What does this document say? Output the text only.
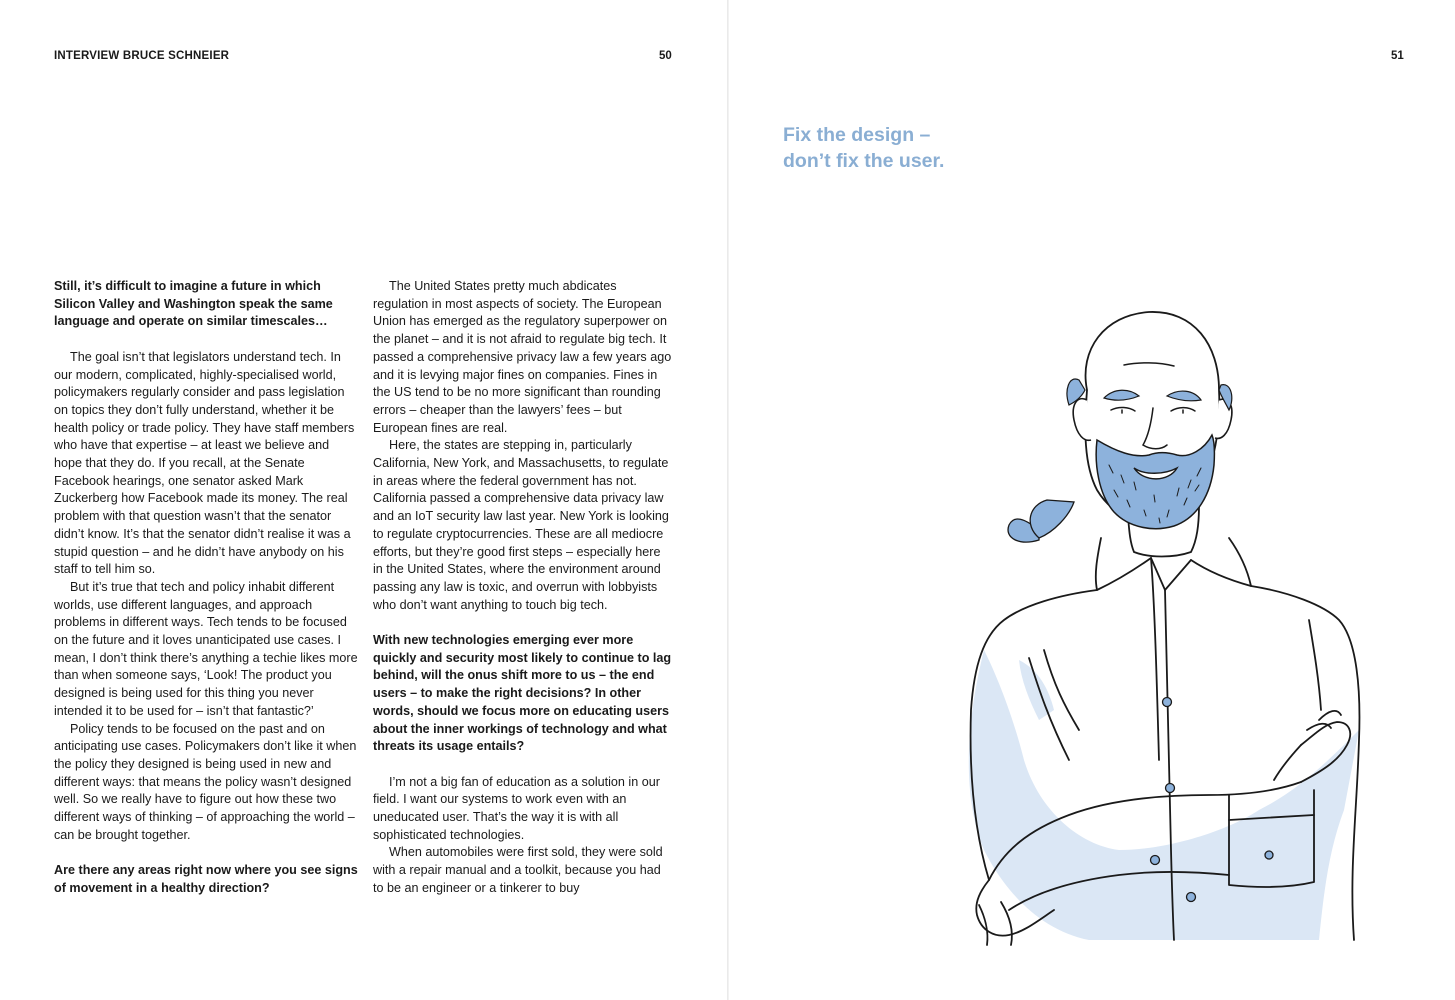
INTERVIEW BRUCE SCHNEIER	50

Still, it’s difficult to imagine a future in which Silicon Valley and Washington speak the same language and operate on similar timescales…

The goal isn’t that legislators understand tech. In our modern, complicated, highly-specialised world, policymakers regularly consider and pass legislation on topics they don’t fully understand, whether it be health policy or trade policy. They have staff members who have that expertise – at least we believe and hope that they do. If you recall, at the Senate Facebook hearings, one senator asked Mark Zuckerberg how Facebook made its money. The real problem with that question wasn’t that the senator didn’t know. It’s that the senator didn’t realise it was a stupid question – and he didn’t have anybody on his staff to tell him so.

But it’s true that tech and policy inhabit different worlds, use different languages, and approach problems in different ways. Tech tends to be focused on the future and it loves unanticipated use cases. I mean, I don’t think there’s anything a techie likes more than when someone says, ‘Look! The product you designed is being used for this thing you never intended it to be used for – isn’t that fantastic?’

Policy tends to be focused on the past and on anticipating use cases. Policymakers don’t like it when the policy they designed is being used in new and different ways: that means the policy wasn’t designed well. So we really have to figure out how these two different ways of thinking – of approaching the world – can be brought together.

Are there any areas right now where you see signs of movement in a healthy direction?

The United States pretty much abdicates regulation in most aspects of society. The European Union has emerged as the regulatory superpower on the planet – and it is not afraid to regulate big tech. It passed a comprehensive privacy law a few years ago and it is levying major fines on companies. Fines in the US tend to be no more significant than rounding errors – cheaper than the lawyers’ fees – but European fines are real.

Here, the states are stepping in, particularly California, New York, and Massachusetts, to regulate in areas where the federal government has not. California passed a comprehensive data privacy law and an IoT security law last year. New York is looking to regulate cryptocurrencies. These are all mediocre efforts, but they’re good first steps – especially here in the United States, where the environment around passing any law is toxic, and overrun with lobbyists who don’t want anything to touch big tech.

With new technologies emerging ever more quickly and security most likely to continue to lag behind, will the onus shift more to us – the end users – to make the right decisions? In other words, should we focus more on educating users about the inner workings of technology and what threats its usage entails?

I’m not a big fan of education as a solution in our field. I want our systems to work even with an uneducated user. That’s the way it is with all sophisticated technologies.

When automobiles were first sold, they were sold with a repair manual and a toolkit, because you had to be an engineer or a tinkerer to buy

51
Fix the design –
don’t fix the user.
